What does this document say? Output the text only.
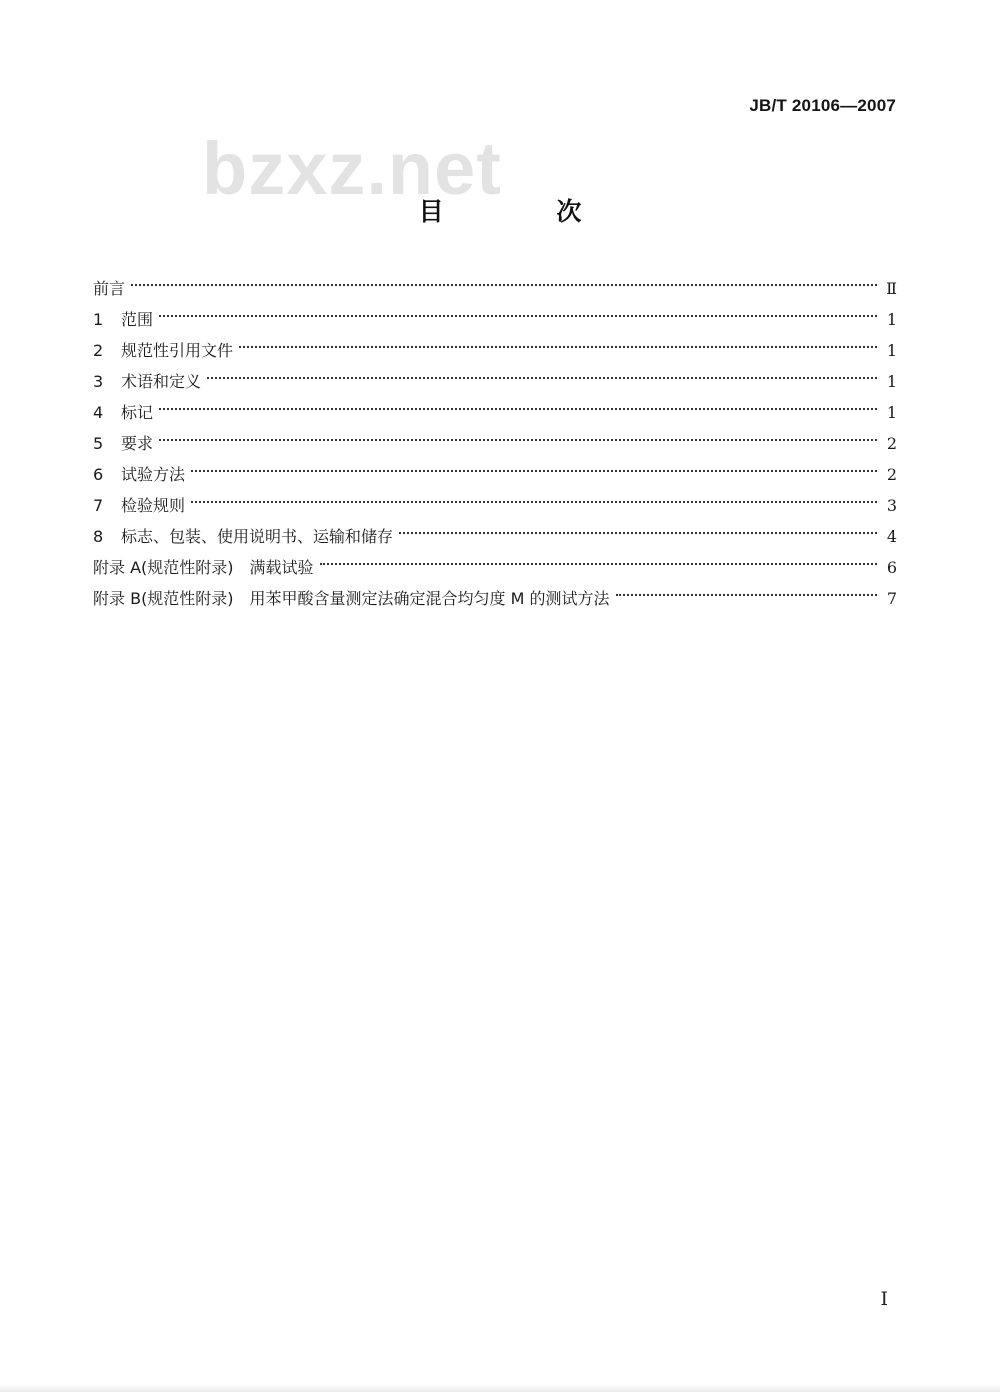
JB/T 20106—2007
bzxz.net
目 次
前言	Ⅱ
1 范围	1
2 规范性引用文件	1
3 术语和定义	1
4 标记	1
5 要求	2
6 试验方法	2
7 检验规则	3
8 标志、包装、使用说明书、运输和储存	4
附录 A(规范性附录)　满载试验	6
附录 B(规范性附录)　用苯甲酸含量测定法确定混合均匀度 M 的测试方法	7
I
